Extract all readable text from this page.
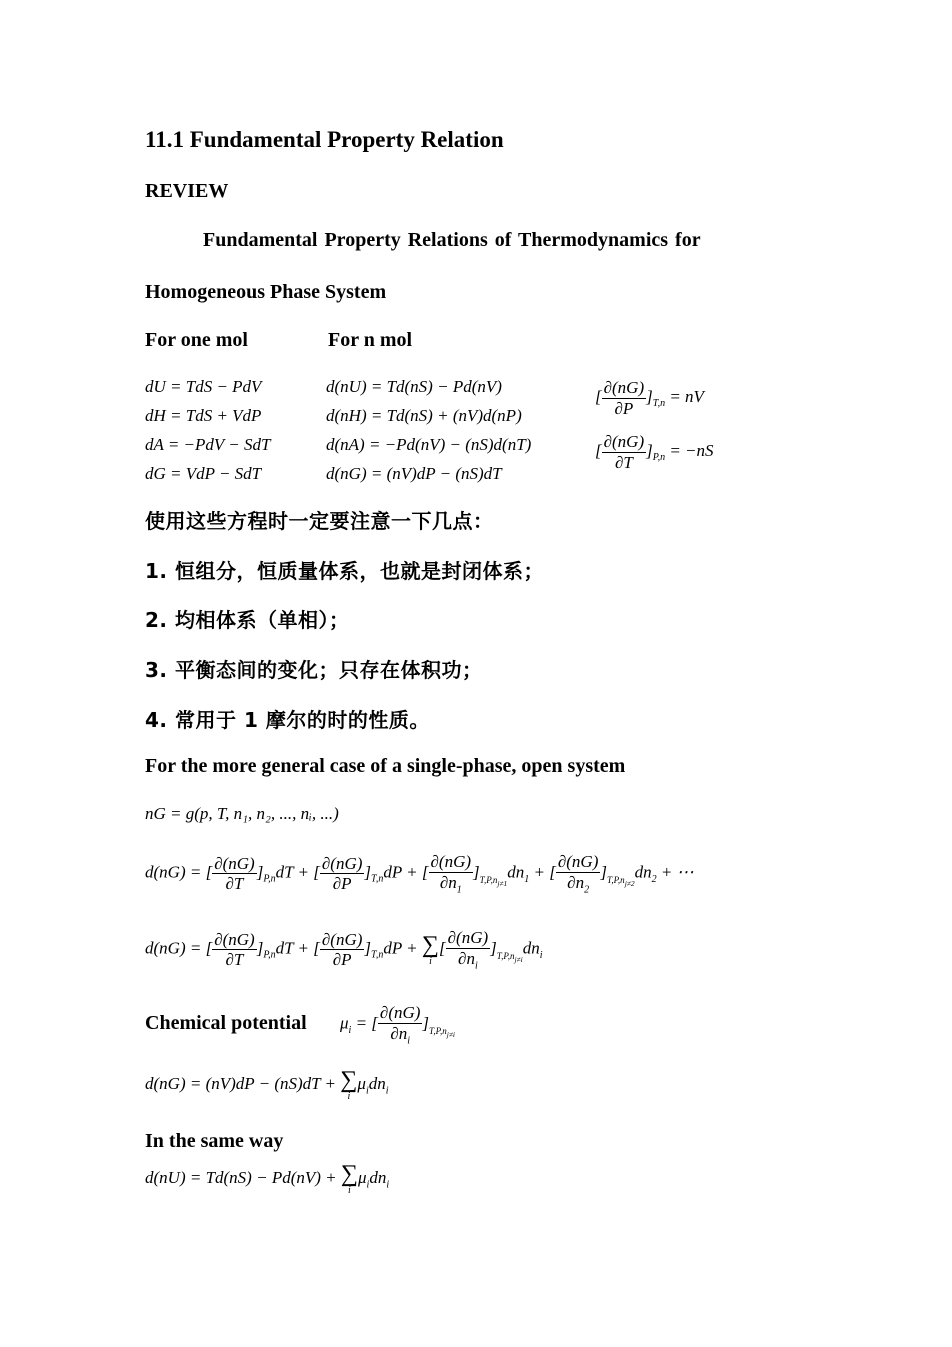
11.1 Fundamental Property Relation
REVIEW
Fundamental Property Relations of Thermodynamics for
Homogeneous Phase System
For one mol	For n mol
dU = TdS − PdV
dH = TdS + VdP
dA = −PdV − SdT
dG = VdP − SdT
d(nU) = Td(nS) − Pd(nV)
d(nH) = Td(nS) + (nV)d(nP)
d(nA) = −Pd(nV) − (nS)d(nT)
d(nG) = (nV)dP − (nS)dT
[ $\frac{\partial(nG)}{\partial P} ]_{T,n}$ = nV
[ $\frac{\partial(nG)}{\partial T} ]_{P,n} = -nS$
使用这些方程时一定要注意一下几点：
1. 恒组分，恒质量体系，也就是封闭体系；
2. 均相体系（单相）；
3. 平衡态间的变化；只存在体积功；
4. 常用于 1 摩尔的时的性质。
For the more general case of a single-phase, open system
nG = g(p, T, n₁, n₂, ..., nᵢ, ...)
d(nG) = [ $\frac{\partial(nG)}{\partial T} ]_{P,n}dT$ + [ $\frac{\partial(nG)}{\partial P} ]_{T,n}dP$ + [ $\frac{\partial(nG)}{\partial n_1} ]_{T,P,n_{j\ne 1}}dn_1$ + [ $\frac{\partial(nG)}{\partial n_2} ]_{T,P,n_{j\ne 2}}dn_2$ + ⋯
d(nG) = [ $\frac{\partial(nG)}{\partial T} ]_{P,n}dT$ + [ $\frac{\partial(nG)}{\partial P} ]_{T,n}dP$ + ∑
i
[ $\frac{\partial(nG)}{\partial n_i} ]_{T,P,n_{j\ne i}}dn_i$
Chemical potential $\mu_i$ = [ $\frac{\partial(nG)}{\partial n_i} ]_{T,P,n_{j\ne i}}$
d(nG) = (nV)dP − (nS)dT + ∑
i
$\mu_idn_i$
In the same way
d(nU) = Td(nS) − Pd(nV) + ∑
i
$\mu_idn_i$
